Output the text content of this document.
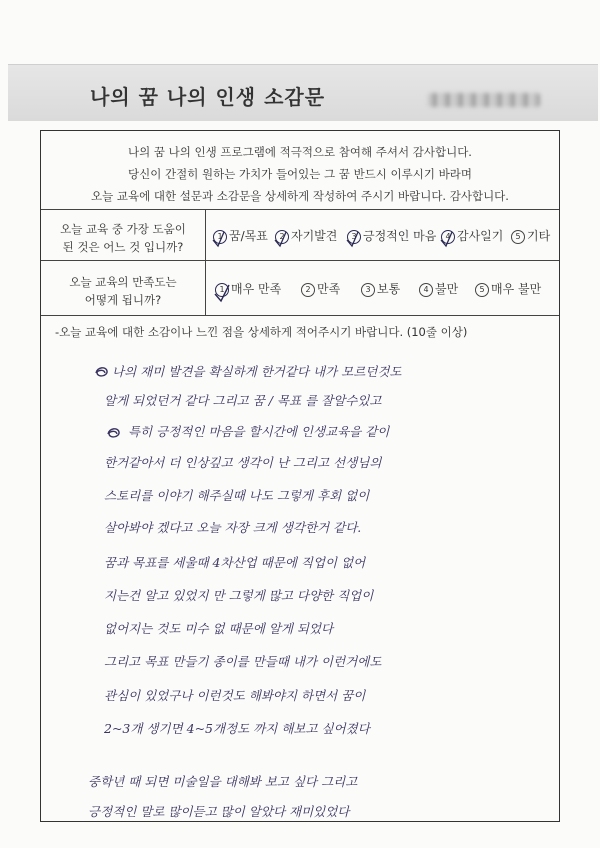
나의 꿈 나의 인생 소감문
나의 꿈 나의 인생 프로그램에 적극적으로 참여해 주셔서 감사합니다.
당신이 간절히 원하는 가치가 들어있는 그 꿈 반드시 이루시기 바라며
오늘 교육에 대한 설문과 소감문을 상세하게 작성하여 주시기 바랍니다. 감사합니다.
오늘 교육 중 가장 도움이
된 것은 어느 것 입니까?
1 꿈/목표	2 자기발견	3 긍정적인 마음	4 감사일기	5 기타
오늘 교육의 만족도는
어떻게 됩니까?
1 매우 만족	2 만족	3 보통	4 불만	5 매우 불만
-오늘 교육에 대한 소감이나 느낀 점을 상세하게 적어주시기 바랍니다. (10줄 이상)
나의 재미 발견을 확실하게 한거같다 내가 모르던것도
알게 되었던거 같다 그리고 꿈 / 목표 를 잘알수있고
특히 긍정적인 마음을 할시간에 인생교육을 같이
한거같아서 더 인상깊고 생각이 난 그리고 선생님의
스토리를 이야기 해주실때 나도 그렇게 후회 없이
살아봐야 겠다고 오늘 자장 크게 생각한거 같다.
꿈과 목표를 세울때 4차산업 때문에 직업이 없어
지는건 알고 있었지 만 그렇게 많고 다양한 직업이
없어지는 것도 미수 없 때문에 알게 되었다
그리고 목표 만들기 종이를 만들때 내가 이런거에도
관심이 있었구나 이런것도 해봐야지 하면서 꿈이
2~3개 생기면 4~5개정도 까지 해보고 싶어졌다
중학년 때 되면 미술일을 대해봐 보고 싶다 그리고
긍정적인 말로 많이듣고 많이 알았다 재미있었다
